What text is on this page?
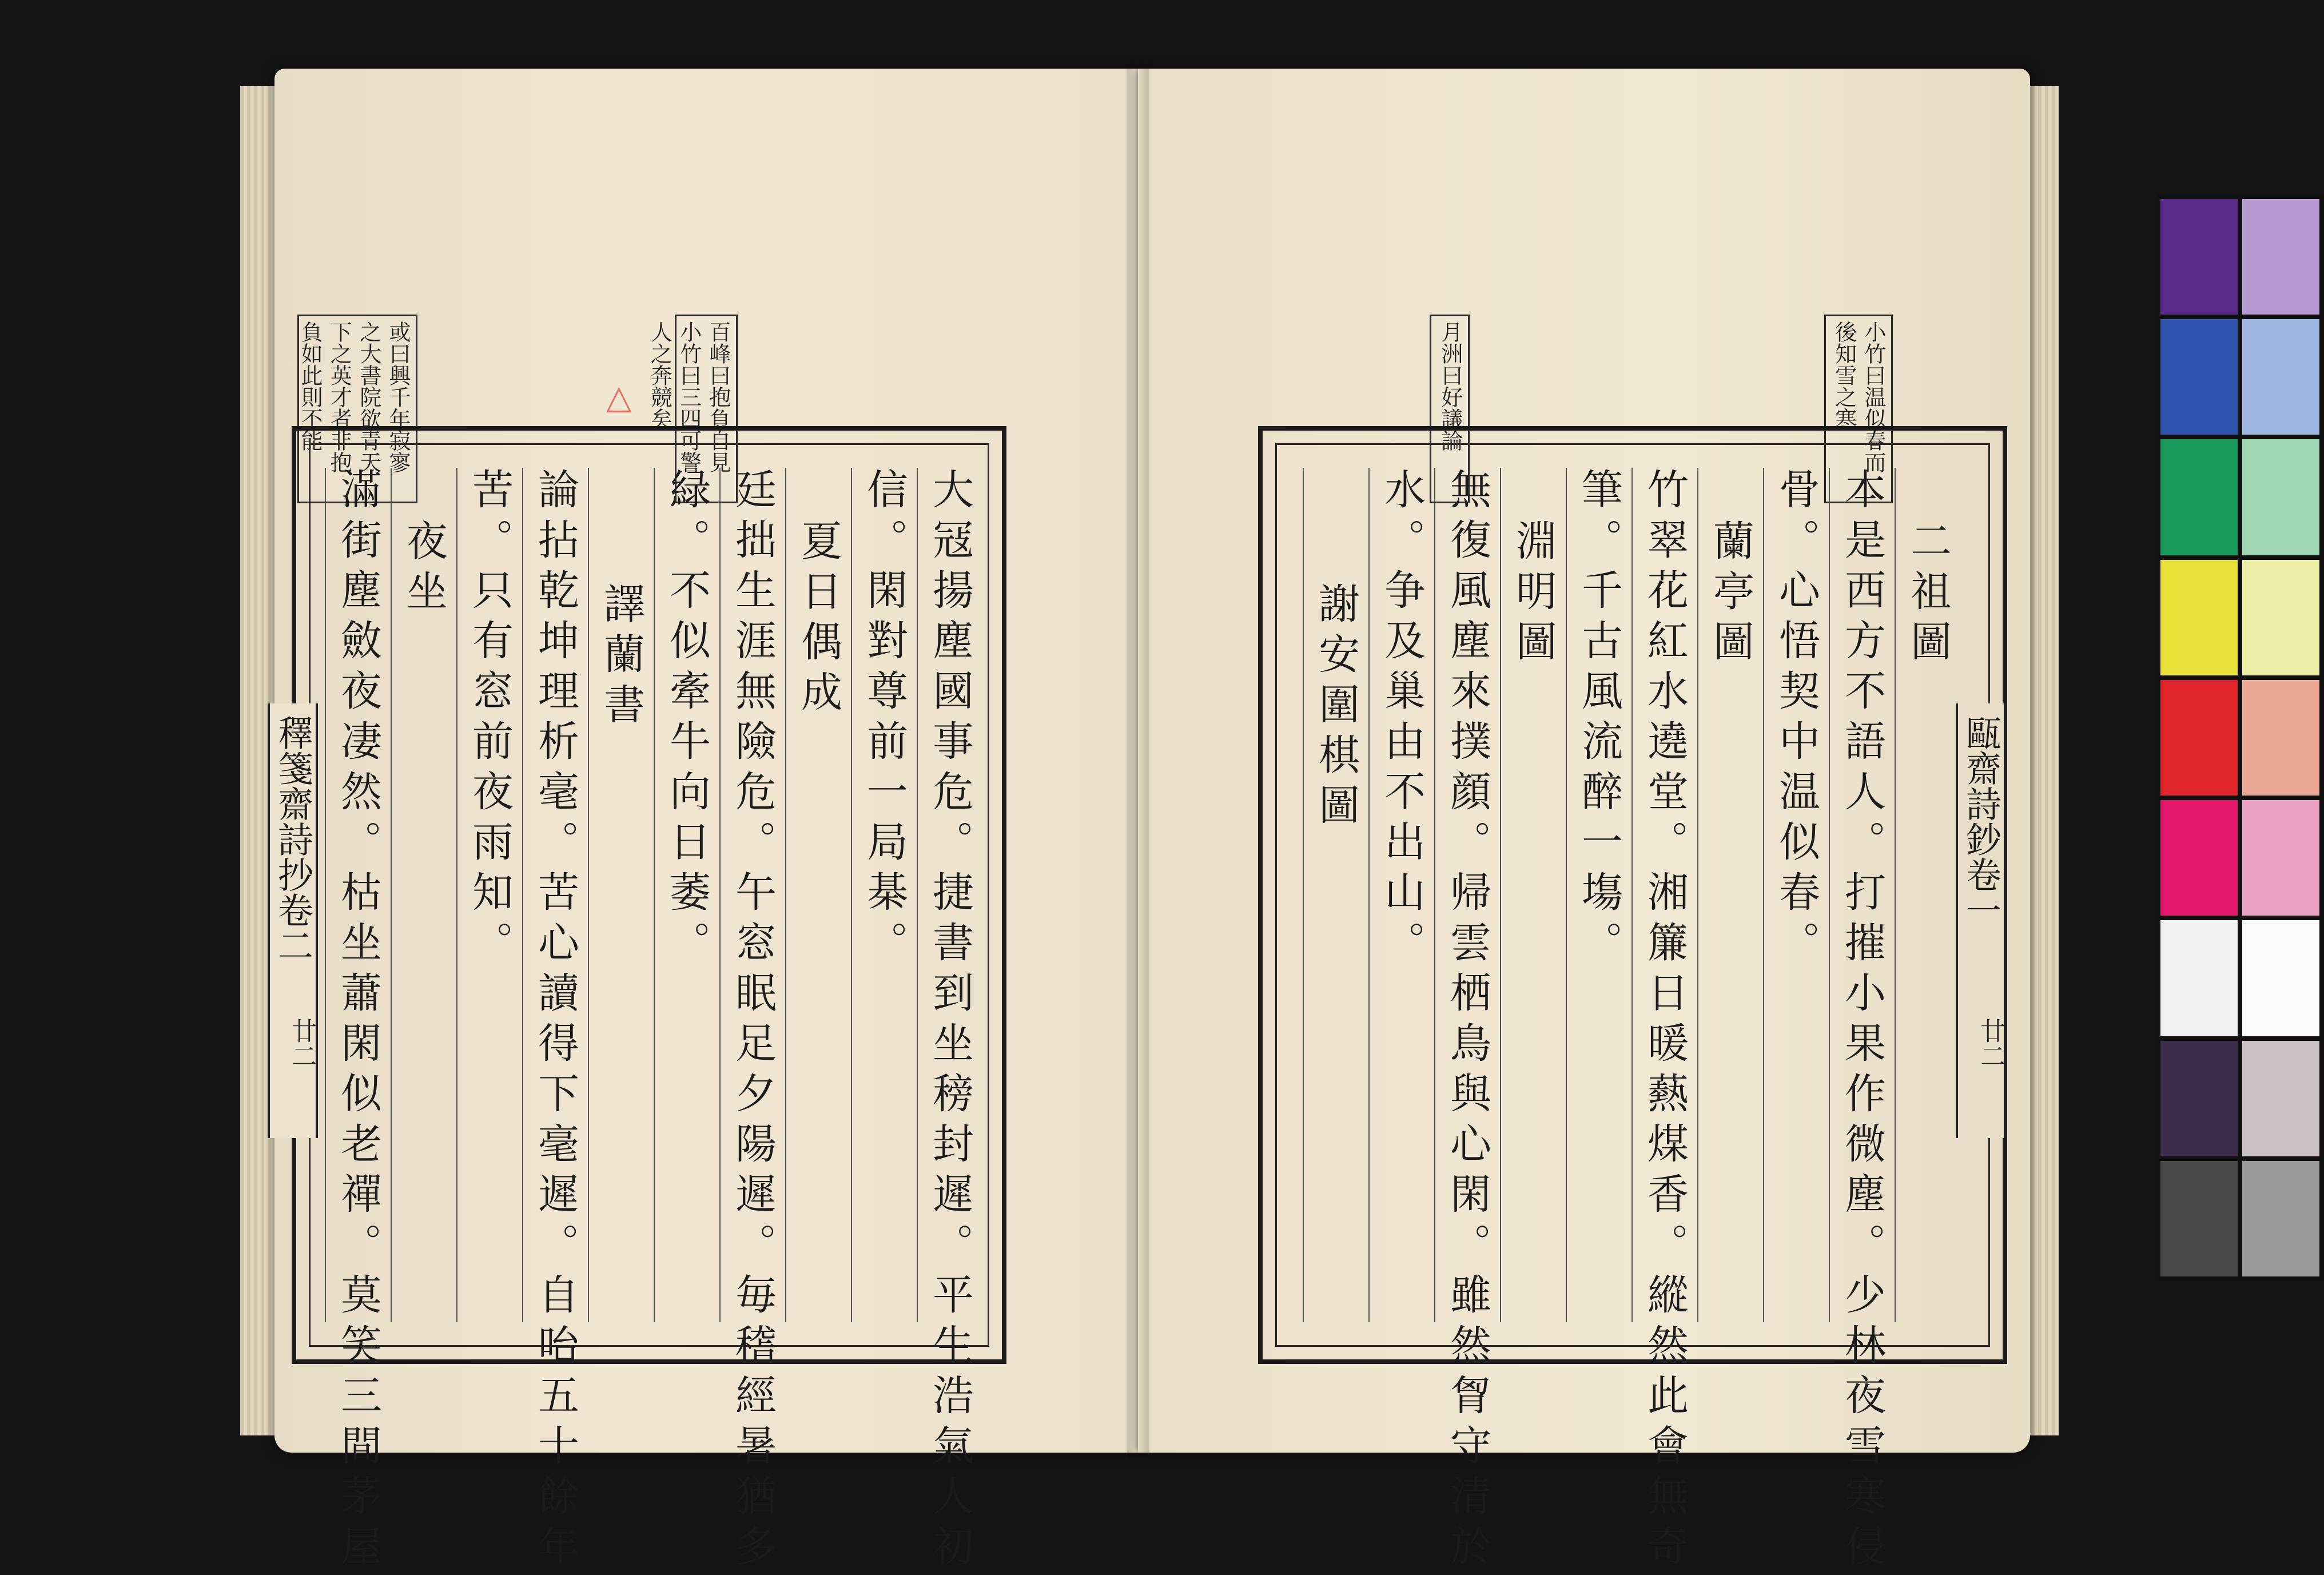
百峰曰抱負自見 小竹曰三四可警 人之奔競矣
或曰興千年寂寥 之大書院欲青天 下之英才者非抱 負如此則不能	△	月洲曰好議論	小竹曰温似春而 後知雪之寒
大冦揚塵國事危。捷書到坐䅭封遲。平生浩氣人初
信。閑對尊前一局棊。
夏日偶成
廷拙生涯無險危。午窓眠足夕陽遲。毎𥡴經暑猶多
緑。不似牽牛向日萎。
譯蘭書
論拈乾坤理析毫。苦心讀得下毫遲。自咍五十餘年
苦。只有窓前夜雨知。
夜坐
滿街塵斂夜凄然。枯坐蕭閑似老禪。莫笑三間茅屋	二祖圖
本是西方不語人。打摧小果作微塵。少林夜雪寒侵
骨。心悟契中温似春。
蘭亭圖
竹翠花紅水遶堂。湘簾日暖爇煤香。縱然此會無奇
筆。千古風流醉一塲。
淵明圖
無復風塵來撲顔。帰雲栖鳥與心閑。雖然胷守清於
水。争及巢由不出山。
謝安圍棋圖
䆁箋齋詩抄卷二	甌齋詩鈔卷一
廿二	廿二
